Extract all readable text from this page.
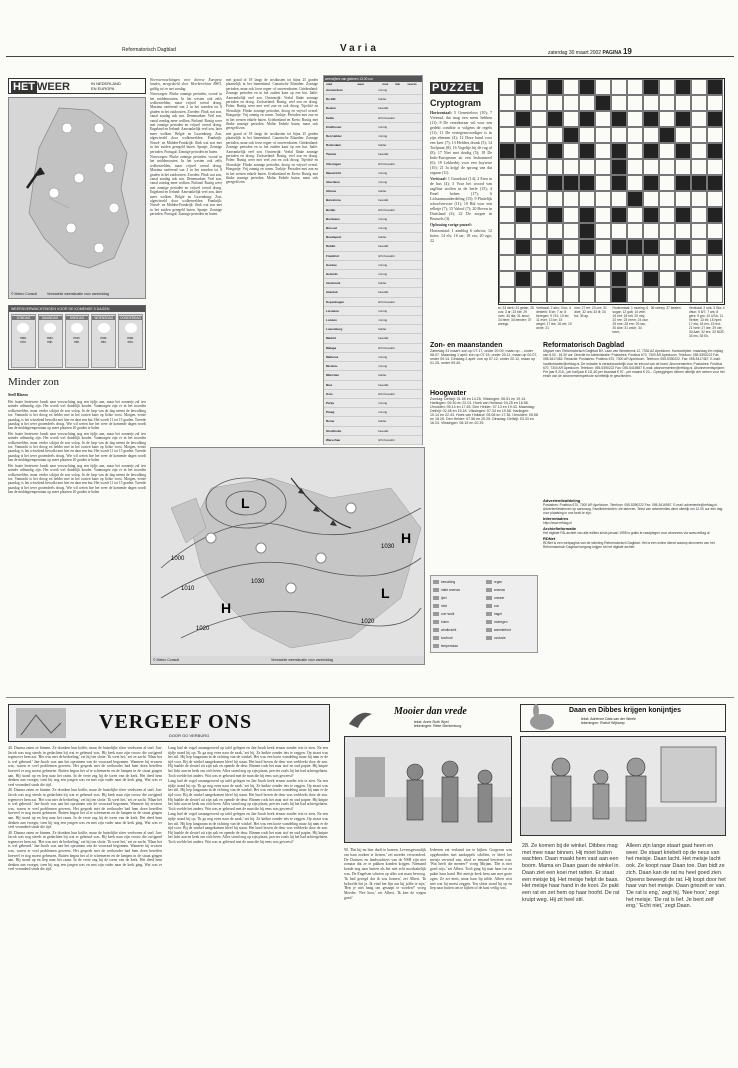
Reformatorisch Dagblad	Varia	zaterdag 30 maart 2002 PAGINA 19
HET WEER	IN NEDERLAND
EN EUROPA
© Meteo Consult	Verwachte weersituatie voor vanmiddag
WEERSVERWACHTINGEN VOOR DE KOMENDE 5 DAGEN
ZONDAG
max.
min.
MAANDAG
max.
min.
DINSDAG
max.
min.
WOENSDAG
max.
min.
DONDERDAG
max.
min.
Minder zon
Stefl Bloem

Het fraaie lenteweer houdt naar verwachting nog een tijdje aan, maar het zonnetje zal iets minder uitbundig zijn. Het wordt wel duidelijk kouder. Vanmorgen zijn er in het noorden wolkenvelden, maar verder schijnt de zon volop. In de loop van de dag neemt de bewolking toe. Vannacht is het droog en helder met in het oosten kans op lichte vorst. Morgen, eerste paasdag, is het wisselend bewolkt met hier en daar een bui. Het wordt 11 tot 15 graden. Tweede paasdag is het weer grotendeels droog. Wie wil weten hoe het weer de komende dagen wordt kan de middagtemperatuur op meer plaatsen 20 graden te halen.

Het fraaie lenteweer houdt naar verwachting nog een tijdje aan, maar het zonnetje zal iets minder uitbundig zijn. Het wordt wel duidelijk kouder. Vanmorgen zijn er in het noorden wolkenvelden, maar verder schijnt de zon volop. In de loop van de dag neemt de bewolking toe. Vannacht is het droog en helder met in het oosten kans op lichte vorst. Morgen, eerste paasdag, is het wisselend bewolkt met hier en daar een bui. Het wordt 11 tot 15 graden. Tweede paasdag is het weer grotendeels droog. Wie wil weten hoe het weer de komende dagen wordt kan de middagtemperatuur op meer plaatsen 20 graden te halen.

Het fraaie lenteweer houdt naar verwachting nog een tijdje aan, maar het zonnetje zal iets minder uitbundig zijn. Het wordt wel duidelijk kouder. Vanmorgen zijn er in het noorden wolkenvelden, maar verder schijnt de zon volop. In de loop van de dag neemt de bewolking toe. Vannacht is het droog en helder met in het oosten kans op lichte vorst. Morgen, eerste paasdag, is het wisselend bewolkt met hier en daar een bui. Het wordt 11 tot 15 graden. Tweede paasdag is het weer grotendeels droog. Wie wil weten hoe het weer de komende dagen wordt kan de middagtemperatuur op meer plaatsen 20 graden te halen.

Weersverwachtingen voor diverse Europese landen, meegedeeld door Weerberichten BWO, geldig tot en met zondag.

Noorwegen: Flinke zonnige perioden, vooral in het middenoosten. In het westen ook zelfs wolkenvelden, maar vrijwel overal droog. Maxima variërend van 2 in het noorden tot 8 graden in het zuidoosten. Zweden: Flink wat zon, vanaf zondag ook zon. Denemarken: Veel zon, vanaf zondag meer wolken. Finland: Rustig weer met zonnige perioden en vrijwel overal droog. Engeland en Ierland: Aanvankelijk veel zon, later meer wolken. België en Luxemburg: Zon, afgewisseld door wolkenvelden. Frankrijk: Noord- en Midden-Frankrijk: flink wat zon met in het zuiden geregeld buien. Spanje: Zonnige perioden. Portugal: Zonnige perioden en buien.

Noorwegen: Flinke zonnige perioden, vooral in het middenoosten. In het westen ook zelfs wolkenvelden, maar vrijwel overal droog. Maxima variërend van 2 in het noorden tot 8 graden in het zuidoosten. Zweden: Flink wat zon, vanaf zondag ook zon. Denemarken: Veel zon, vanaf zondag meer wolken. Finland: Rustig weer met zonnige perioden en vrijwel overal droog. Engeland en Ierland: Aanvankelijk veel zon, later meer wolken. België en Luxemburg: Zon, afgewisseld door wolkenvelden. Frankrijk: Noord- en Midden-Frankrijk: flink wat zon met in het zuiden geregeld buien. Spanje: Zonnige perioden. Portugal: Zonnige perioden en buien.

met graad of 18 langs de oostkusten tot bijna 25 graden plaatselijk in het binnenland. Canarische Eilanden: Zonnige perioden, maar ook forse regen- of onweersbuien. Griekenland: Zonnige perioden en in het zuiden kans op een bui. Italië: Aanvankelijk veel zon. Oostenrijk: Veelal flinke zonnige perioden en droog. Zwitserland: Rustig, veel zon en droog. Polen: Rustig weer met veel zon en ook droog. Tsjechië en Slowakije: Flinke zonnige perioden, droog en vrijwel overal. Hongarije: Vrij zonnig en warm. Turkije: Perioden met zon en in het westen enkele buien. Griekenland en Kreta: Rustig met flinke zonnige perioden. Malta: Enkele buien, maar ook geregeld zon.

met graad of 18 langs de oostkusten tot bijna 25 graden plaatselijk in het binnenland. Canarische Eilanden: Zonnige perioden, maar ook forse regen- of onweersbuien. Griekenland: Zonnige perioden en in het zuiden kans op een bui. Italië: Aanvankelijk veel zon. Oostenrijk: Veelal flinke zonnige perioden en droog. Zwitserland: Rustig, veel zon en droog. Polen: Rustig weer met veel zon en ook droog. Tsjechië en Slowakije: Flinke zonnige perioden, droog en vrijwel overal. Hongarije: Vrij zonnig en warm. Turkije: Perioden met zon en in het westen enkele buien. Griekenland en Kreta: Rustig met flinke zonnige perioden. Malta: Enkele buien, maar ook geregeld zon.

weercijfers van gisteren 13.00 uur
stad	weer	max	min	neersl.
Amsterdam	zonnig
De Bilt	helder
Deelen	bewolkt
Eelde	licht bewolkt
Eindhoven	zonnig
Den Helder	zonnig
Rotterdam	helder
Twente	bewolkt
Vlissingen	licht bewolkt
Maastricht	zonnig
Aberdeen	zonnig
Athene	helder
Barcelona	bewolkt
Berlijn	licht bewolkt
Bordeaux	zonnig
Brussel	zonnig
Boedapest	helder
Dublin	bewolkt
Frankfort	licht bewolkt
Genève	zonnig
Helsinki	zonnig
Innsbruck	helder
Istanbul	bewolkt
Kopenhagen	licht bewolkt
Lissabon	zonnig
Londen	zonnig
Luxemburg	helder
Madrid	bewolkt
Malaga	licht bewolkt
Mallorca	zonnig
Moskou	zonnig
München	helder
Nice	bewolkt
Oslo	licht bewolkt
Parijs	zonnig
Praag	zonnig
Rome	helder
Stockholm	bewolkt
Warschau	licht bewolkt
1000
1010
1020
1020
1030
1030
L
H
H
L
© Meteo Consult	Verwachte weersituatie voor vanmiddag
PUZZEL
Cryptogram

Horizontaal: 5 Genesteloos (10); 7 Vreemd, dat mag een mens hebben (11); 8 De verzekeraar wil voor een gedekt conditie is volgens de regels (11); 11 De vertegenwoordiger is in zijn element (4); 12 Deze hand voor een keer (7); 13 Helders dronk (5); 14 Torlpmat (8); 16 Vogeltje bij de rug af (8); 17 Niet met dordig (5); 18 De Indo-Europeaan zit een lesbomnoel (6); 19 Lekkerbij voor een boywise (10); 21 Ja krijg! de sprong van dat orgaan (11).

Verticaal: 1 Grondstof (14); 2 Eten in de bus (4); 3 Voor het woord van ragfline stoffen in de berle (15); 4 Emel hohen (17); 6 Lichaamsonderdeling (15); 9 Plattelijk schoolvervoer (11); 10 Bik voor een relletje (7); 15 Valeof (7); 20 Boven in Duitsland (4); 22 De zorgen in Brussels (3).

Oplossing vorige puzzel:

Horizontaal: 1 aanblog 6 cabrios; 12 boter; 14 els; 16 tar; 18 via; 20 ego; 22

st; 23 derb; 24 gefan; 25 cos; 3 ar; 23 ble; 29 over; 30 dia; 31 amul; 34 beer; 34 bender; 37 anregu.
Verticaal: 2 abo; 3 bo; 4 desterk; 5 ke; 7 ar; 8 beregen; 9 i 51; 10 ter; 11 ever; 13 ke; 15 wegel; 17 ise; 18 vet; 19 anne; 21
mm; 27 ter; 23 ore; 31 dive; 32 ura; 33 ill; 34 ba; 35 ap.
Horizontaal: 1 moeing; 6 sugar; 12 galt; 14 vele; 16 eht; 18 reli; 20 uby; 22 ree; 23 reem; 24 raw; 25 ene; 28 ere; 29 ras; 30 Ake; 31 arich; 34 beer;
36 streep; 37 bealen.	Verticaal: 2 ook; 3 Sta; 4 dhun; 5 8/7; 7 ars; 8 gers; 9 gro; 10 USA; 11 Venter; 13 ell; 15 ripet; 17 ela; 18 ers; 19 led; 21 hele; 27 lee; 29 ote; 30 Aart; 32 ers; 33 NDÉ; 34 ms; 35 Ek.
Zon- en maanstanden
Zaterdag 31 maart: zon op 07.17, onder 20.09, maan op -, onder 08.07. Maandag 1 april: zon op 07.15, onder 20.11, maan op 00.07, onder 09.14. Dinsdag 2 april: zon op 07.12, onder 20.12, maan op 01.25, onder 09.40.
Hoogwater
Zondag: Delfzijl: 01.55 en 14.25. Vlissingen: 06.51 en 19.14. Harlingen: 09.30 en 22.01. Hoek van Holland: 04.25 en 16.56. IJmuiden: 05.14 en 17.45. Den Helder: 07.13 en 19.43. Maandag: Delfzijl: 02.48 en 15.18. Vlissingen: 07.34 en 19.58. Harlingen: 10.14 en 22.43. Hoek van Holland: 05.08 en 17.36. IJmuiden: 05.58 en 18.26. Den Helder: 07.56 en 20.25. Dinsdag: Delfzijl: 03.33 en 16.03. Vlissingen: 08.15 en 20.39.
bewolking	regen
natte sneeuw	sneeuw
ijzel	onweer
mist	zon
zon+wolk	hagel
buien	motregen
windkracht	warmtefront
koufront	occlusie
temperatuur
Reformatorisch Dagblad
Uitgave van: Reformatorisch Dagblad BV. Laan van Westenenk 12, 7336 AZ Apeldoorn. Kantoortijden: maandag t/m vrijdag van 8.00 - 16.30 uur. Directie en Administratie: Postadres: Postbus 670, 7300 AR Apeldoorn. Telefoon: 055-5390222 Fax 055-5417482. Redactie: Postadres: Postbus 670, 7300 AR Apeldoorn. Telefoon: 055-5390222. Fax: 055-5417467. E-mail: hoofdredactie@refdag.nl. De redactie is verantwoordelijk voor de inhoud van de krant. Abonnementen: Postadres: Postbus 670, 7300 AR Apeldoorn. Telefoon: 055-5390222 Fax: 055-5416987 E-mail: abonnementen@refdag.nl. Abonnementsprijzen: Per jaar € 216,- per half jaar € 111,50 per kwartaal € 57,- per maand € 20,-. Opzeggingen dienen uiterlijk vier weken voor het einde van de abonnementsperiode schriftelijk te geschieden.
Advertentieafdeling
Postadres: Postbus 670, 7300 AR Apeldoorn. Telefoon: 055-5390222 Fax: 055-5416987. E-mail: advertentie@refdag.nl. Advertentietarieven op aanvraag. Familieberichten: zie tarieven. Tekst van advertenties dient uiterlijk om 12.00 uur één dag voor plaatsing in ons bezit te zijn.
Internetadres
http://www.refdag.nl
Archiefinformatie
Het digitale RD-archief van alle edities sinds januari 1995 is gratis te raadplegen voor abonnees via www.refdag.nl.
RDNet
RDNet is een webpagina van de stichting Reformatorisch Dagblad. Het is een online dienst waarop abonnees van het Reformatorisch Dagblad toegang krijgen tot het digitale archief.
VERGEEF ONS
DOOR GO VERBURG

40. Daarna zaten ze binnen. Ze dronken hun koffie, maar de huiselijke sfeer verdween al snel. Jan-Jacob was nog steeds in gedachten bij wat er gebeurd was. Hij keek naar zijn vrouw die zwijgend tegenover hem zat. 'Het was niet de bedoeling,' zei hij ten slotte. 'Ik weet het,' zei ze zacht. 'Maar het is wel gebeurd.' Jan-Jacob was aan het opruimen van de voorraad begonnen. Wanneer hij ervaren was, waren er veel problemen geweest. Het gesprek met de wethouder had hem doen beseffen hoeveel er nog moest gebeuren. Buiten begon het al te schemeren en de lampen in de straat gingen aan. Hij stond op en liep naar het raam. In de verte zag hij de toren van de kerk. Het deed hem denken aan vroeger, toen hij nog een jongen was en met zijn vader naar de kerk ging. Wat was er veel veranderd sinds die tijd.

40. Daarna zaten ze binnen. Ze dronken hun koffie, maar de huiselijke sfeer verdween al snel. Jan-Jacob was nog steeds in gedachten bij wat er gebeurd was. Hij keek naar zijn vrouw die zwijgend tegenover hem zat. 'Het was niet de bedoeling,' zei hij ten slotte. 'Ik weet het,' zei ze zacht. 'Maar het is wel gebeurd.' Jan-Jacob was aan het opruimen van de voorraad begonnen. Wanneer hij ervaren was, waren er veel problemen geweest. Het gesprek met de wethouder had hem doen beseffen hoeveel er nog moest gebeuren. Buiten begon het al te schemeren en de lampen in de straat gingen aan. Hij stond op en liep naar het raam. In de verte zag hij de toren van de kerk. Het deed hem denken aan vroeger, toen hij nog een jongen was en met zijn vader naar de kerk ging. Wat was er veel veranderd sinds die tijd.

40. Daarna zaten ze binnen. Ze dronken hun koffie, maar de huiselijke sfeer verdween al snel. Jan-Jacob was nog steeds in gedachten bij wat er gebeurd was. Hij keek naar zijn vrouw die zwijgend tegenover hem zat. 'Het was niet de bedoeling,' zei hij ten slotte. 'Ik weet het,' zei ze zacht. 'Maar het is wel gebeurd.' Jan-Jacob was aan het opruimen van de voorraad begonnen. Wanneer hij ervaren was, waren er veel problemen geweest. Het gesprek met de wethouder had hem doen beseffen hoeveel er nog moest gebeuren. Buiten begon het al te schemeren en de lampen in de straat gingen aan. Hij stond op en liep naar het raam. In de verte zag hij de toren van de kerk. Het deed hem denken aan vroeger, toen hij nog een jongen was en met zijn vader naar de kerk ging. Wat was er veel veranderd sinds die tijd.

Lang had de vogel onaangeroerd op tafel gelegen en Jan-Jacob keek ernaar zonder iets te zien. Na een tijdje stond hij op. 'Ik ga nog even naar de zaak,' zei hij. Ze knikte zonder iets te zeggen. Op straat was het stil. Hij liep langzaam in de richting van de winkel. Het was een korte wandeling maar hij nam er de tijd voor. Bij de winkel aangekomen bleef hij staan. Het bord boven de deur was verbleekt door de zon. Hij haalde de sleutel uit zijn zak en opende de deur. Binnen rook het naar stof en oud papier. Hij knipte het licht aan en keek om zich heen. Alles stond nog op zijn plaats, precies zoals hij het had achtergelaten. Toch voelde het anders. Wat was er gebeurd met de man die hij eens was geweest?

Lang had de vogel onaangeroerd op tafel gelegen en Jan-Jacob keek ernaar zonder iets te zien. Na een tijdje stond hij op. 'Ik ga nog even naar de zaak,' zei hij. Ze knikte zonder iets te zeggen. Op straat was het stil. Hij liep langzaam in de richting van de winkel. Het was een korte wandeling maar hij nam er de tijd voor. Bij de winkel aangekomen bleef hij staan. Het bord boven de deur was verbleekt door de zon. Hij haalde de sleutel uit zijn zak en opende de deur. Binnen rook het naar stof en oud papier. Hij knipte het licht aan en keek om zich heen. Alles stond nog op zijn plaats, precies zoals hij het had achtergelaten. Toch voelde het anders. Wat was er gebeurd met de man die hij eens was geweest?

Lang had de vogel onaangeroerd op tafel gelegen en Jan-Jacob keek ernaar zonder iets te zien. Na een tijdje stond hij op. 'Ik ga nog even naar de zaak,' zei hij. Ze knikte zonder iets te zeggen. Op straat was het stil. Hij liep langzaam in de richting van de winkel. Het was een korte wandeling maar hij nam er de tijd voor. Bij de winkel aangekomen bleef hij staan. Het bord boven de deur was verbleekt door de zon. Hij haalde de sleutel uit zijn zak en opende de deur. Binnen rook het naar stof en oud papier. Hij knipte het licht aan en keek om zich heen. Alles stond nog op zijn plaats, precies zoals hij het had achtergelaten. Toch voelde het anders. Wat was er gebeurd met de man die hij eens was geweest?

Mooier dan vrede
tekst: Anne-Ruth Wyel
tekeningen: Riete Sterkenburg

90. 'Dat hij nu hier durft te komen. Levensgevaarlijk om haar zoeken te fietsen,' zei moeder verwonderd. De Duitsers en landwachters van de NSB zijn niet zomaar dat ze te pakken konden krijgen. Niemand konde nog naar buiten als het niet echt noodzakelijk was. De Engelsen schoten op alles wat maar bewoog. 'Ik had gezegd dat ik zou komen,' zei Albert. 'Ik beloofde het je. Ik vind het fijn om bij jullie te zijn.' 'Ben je niet bang om gesnapt te worden?' vroeg Moeder. 'Nee hoor,' zei Albert. 'Ik ken de wegen goed.'

Iedereen zat verlamd toe te kijken. Gorgeous was opgebonden met aardappels schillen, er bleef het meisje vervend van, alsof er iemand beweren was. 'Wat heeft die meneer?' vroeg Mirjam. 'Die is niet goed wijs,' zei Albert. Toch ging hij naar haar toe en pakte haar hand. Het meisje keek hem aan met grote ogen. Ze zei niets, maar haar lip trilde. Albert wist niet wat hij moest zeggen. Ten slotte stond hij op en liep naar buiten om te kijken of de kust veilig was.

Daan en Dibbes krijgen konijntjes
tekst: Adrienne Dats-van der Weele
tekeningen: Roelof Wijkamp

28. Ze komen bij de winkel. Dibbes mag met mee naar binnen. Hij moet buiten wachten. Daan maakt hem vast aan een boom. Mama en Daan gaan de winkel in. Daan ziet een koei met ratten. Er staat een meisje bij. Het meisje helpt de baas. Het meisje haar hand in de kooi. Ze pakt een rat en zet hem op haar hoofd. De rat kruipt weg. Hij zit heel stil.

Alleen zijn lange staart gaat heen en weer. De staart kriebelt op de neus van het meisje. Daan lacht. Het meisje lacht ook. Ze koopt naar Daan toe. Dan bidt ze zich. Daan kan de rat nu heel goed zien. Opeens beweegt de rat. Hij loopt door het haar van het meisje. Daan griezelt er van. 'De rat is eng,' zegt hij. 'Nee hoor,' zegt het meisje. 'De rat is lief. Je bent zelf eng.' 'Echt niet,' zegt Daan.
